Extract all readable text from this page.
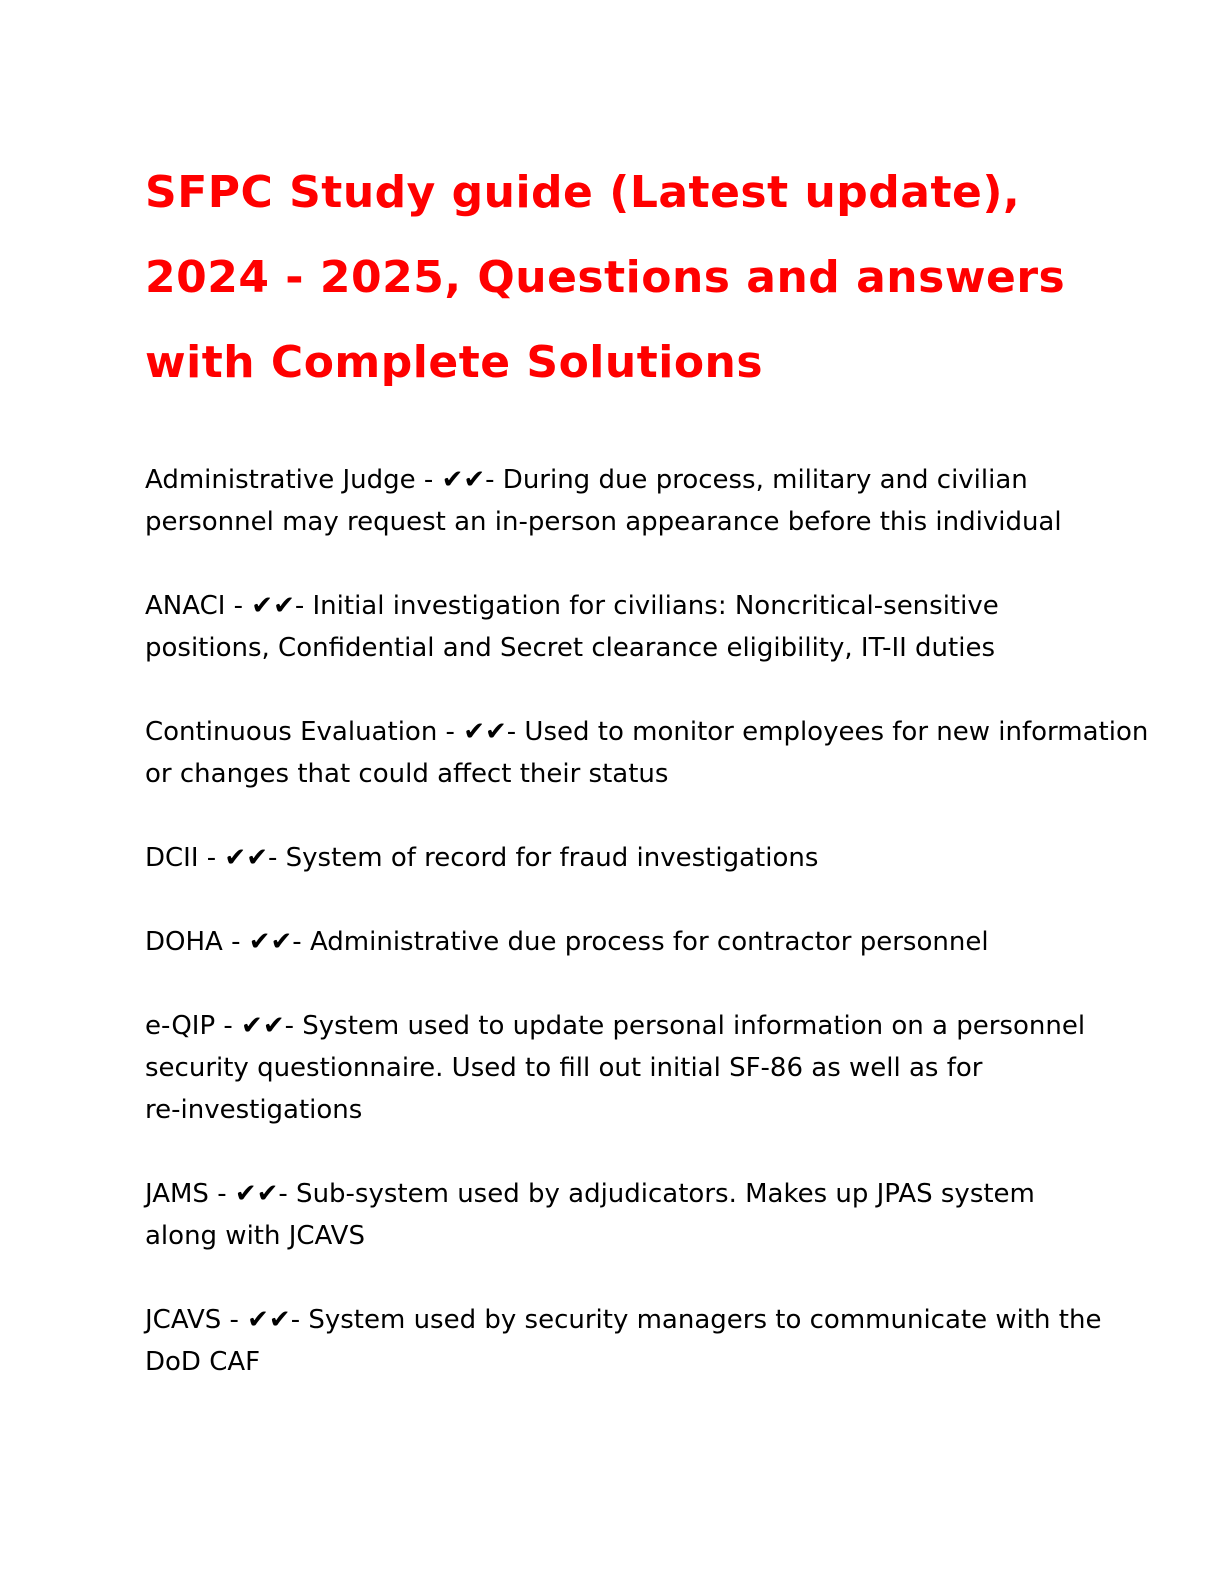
SFPC Study guide (Latest update),
2024 - 2025, Questions and answers
with Complete Solutions
Administrative Judge - ✔✔- During due process, military and civilian
personnel may request an in-person appearance before this individual
ANACI - ✔✔- Initial investigation for civilians: Noncritical-sensitive
positions, Confidential and Secret clearance eligibility, IT-II duties
Continuous Evaluation - ✔✔- Used to monitor employees for new information
or changes that could affect their status
DCII - ✔✔- System of record for fraud investigations
DOHA - ✔✔- Administrative due process for contractor personnel
e-QIP - ✔✔- System used to update personal information on a personnel
security questionnaire. Used to fill out initial SF-86 as well as for
re-investigations
JAMS - ✔✔- Sub-system used by adjudicators. Makes up JPAS system
along with JCAVS
JCAVS - ✔✔- System used by security managers to communicate with the
DoD CAF
